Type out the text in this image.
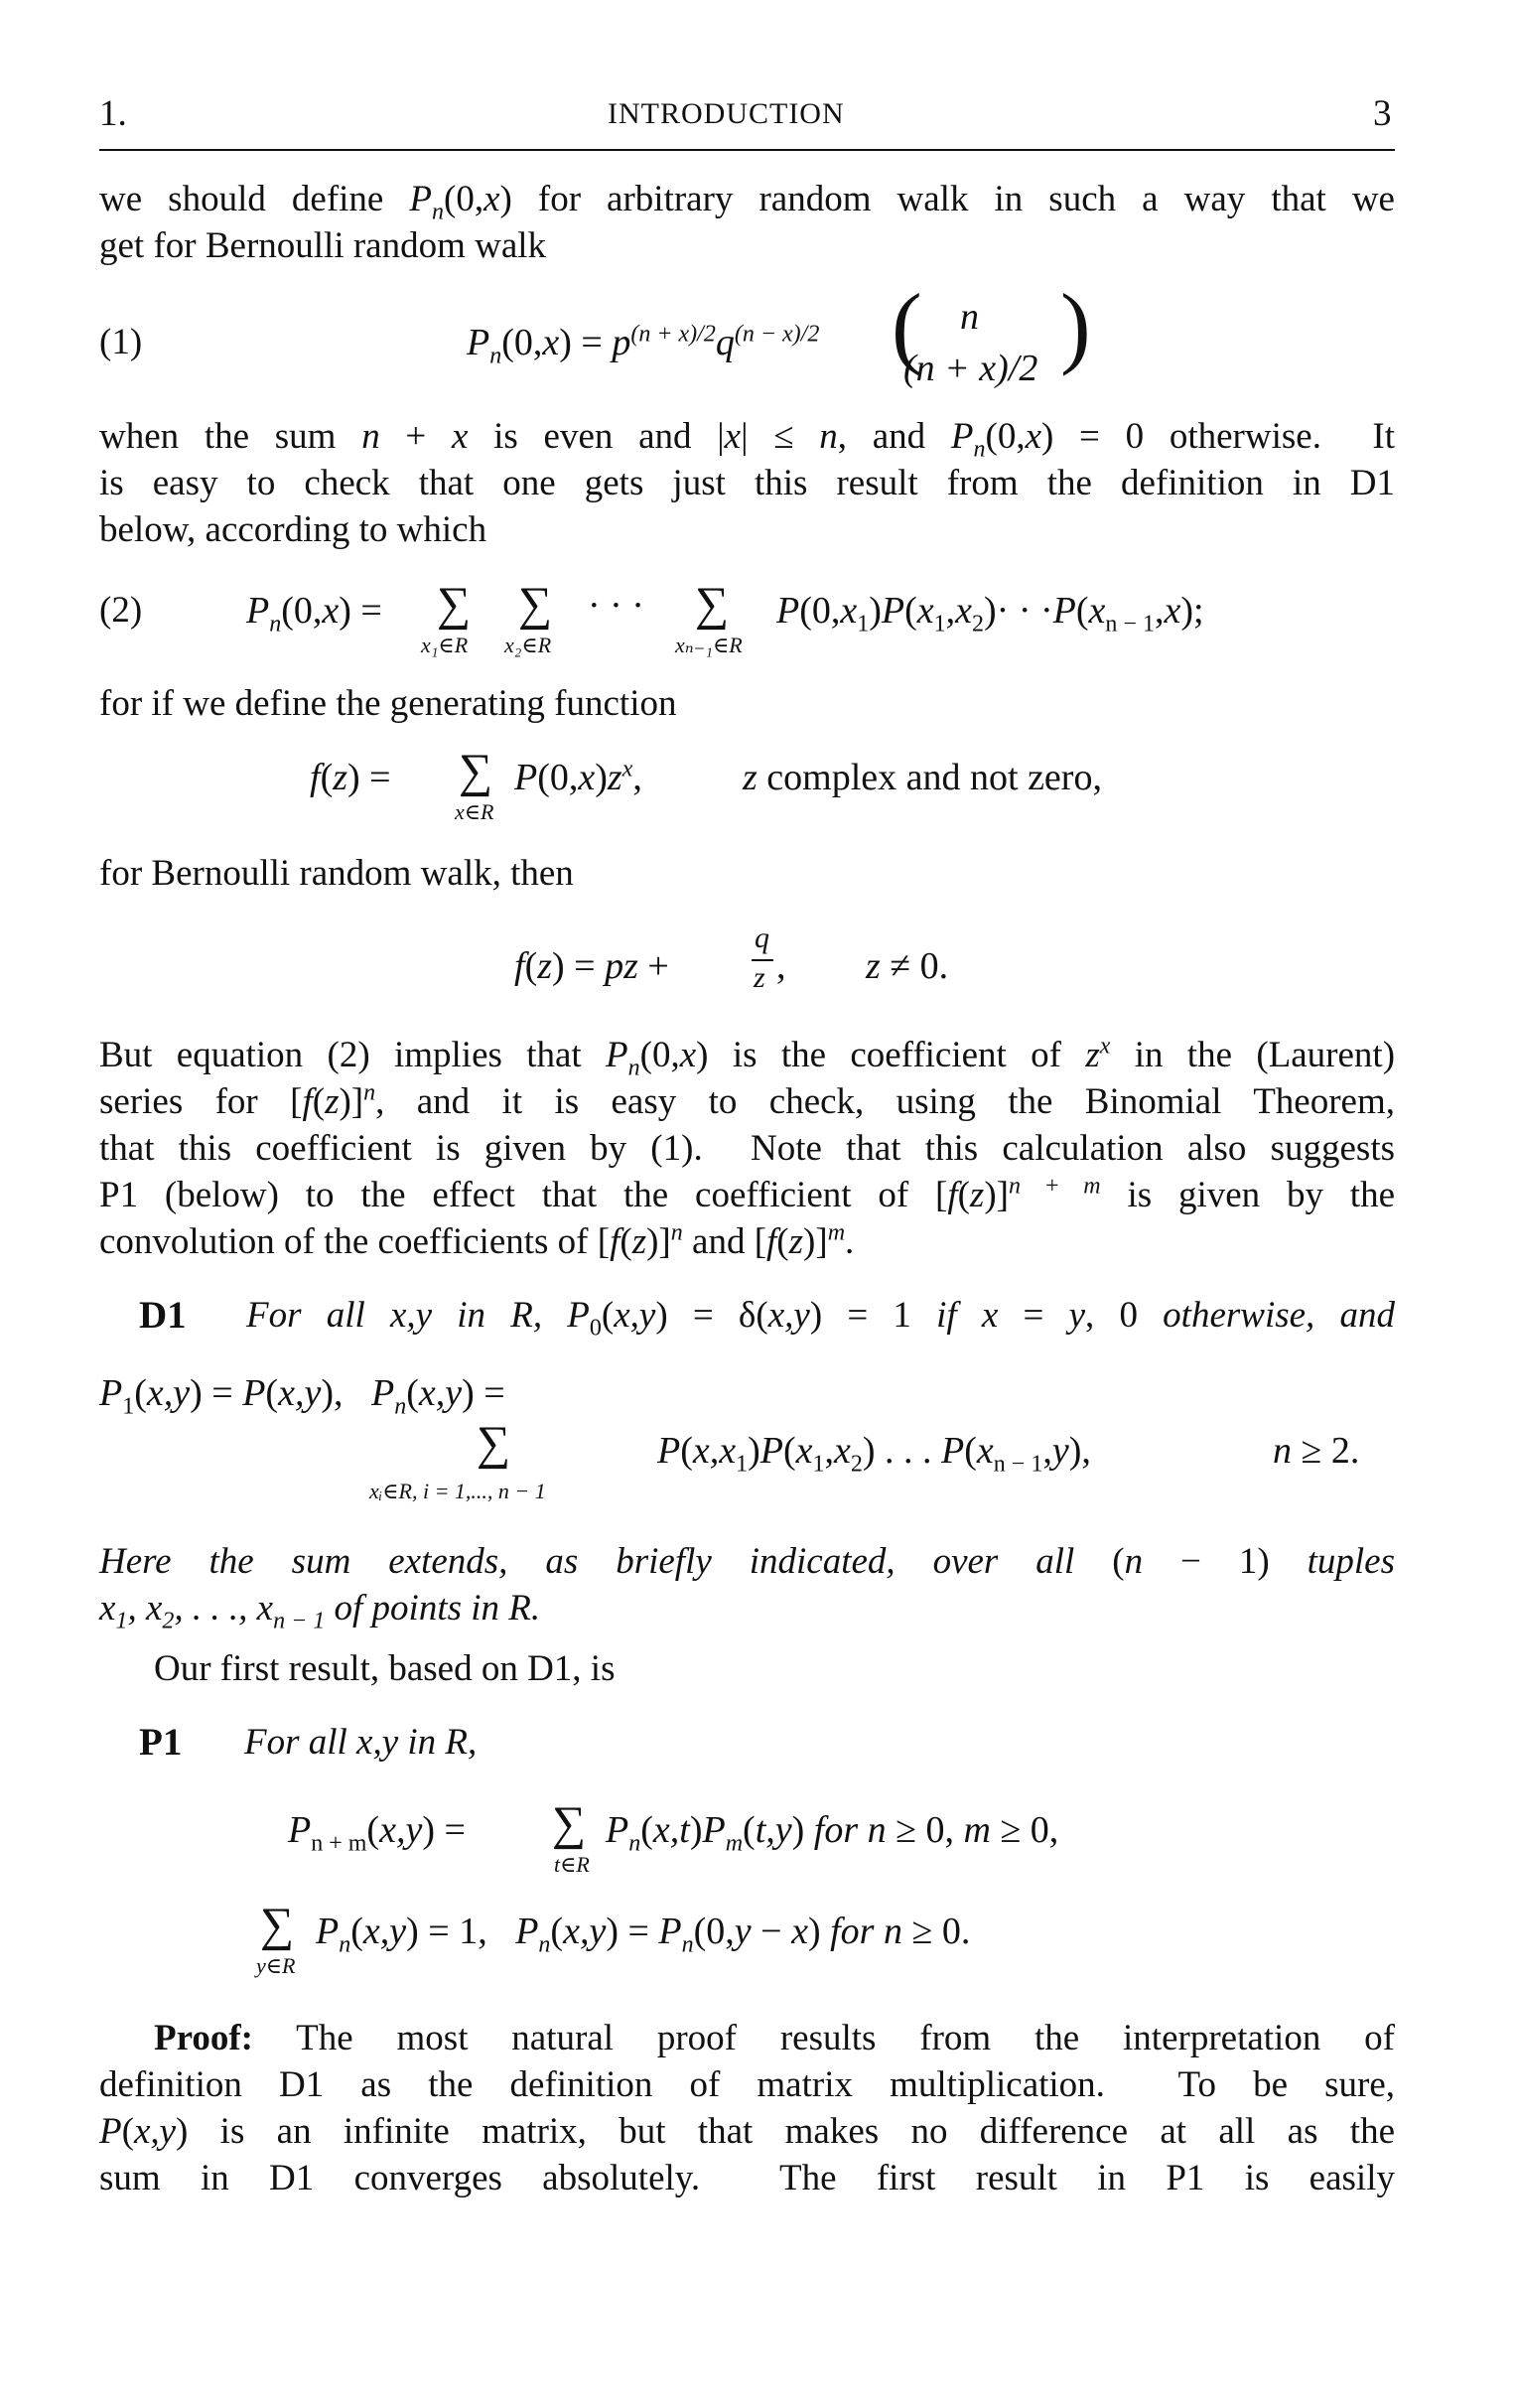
1.	INTRODUCTION	3
we should define $P_n(0,x)$ for arbitrary random walk in such a way that we
get for Bernoulli random walk
(1)	$P_n(0,x) = p^{(n + x)/2}q^{(n - x)/2}$ ( n
(n + x)/2 )
when the sum n + x is even and |x| ≤ n, and $P_n(0,x) = 0$ otherwise.  It
is easy to check that one gets just this result from the definition in D1
below, according to which
(2)	$P_n(0,x)$ = ∑ ∑ · · · ∑
x₁∈R x₂∈R	xₙ₋₁∈R
$P(0,x_1)P(x_1,x_2)\cdot \cdot \cdot P(x_{n - 1},x)$;
for if we define the generating function
f(z) = ∑
x∈R
$P(0,x)z^x$,	z complex and not zero,
for Bernoulli random walk, then
f(z) = pz +
q
z , z ≠ 0.
But equation (2) implies that $P_n(0,x)$ is the coefficient of $z^x$ in the (Laurent)
series for $[f(z)]^n$, and it is easy to check, using the Binomial Theorem,
that this coefficient is given by (1).  Note that this calculation also suggests
P1 (below) to the effect that the coefficient of $[f(z)]^{n + m}$ is given by the
convolution of the coefficients of $[f(z)]^n$ and $[f(z)]^m$.
D1 For all x,y in R, $P_0(x,y) = \delta(x,y) = 1$ if x = y, 0 otherwise, and
$P_1(x,y) = P(x,y)$,   $P_n(x,y)$ =
∑
xᵢ∈R, i = 1,..., n − 1
$P(x,x_1)P(x_1,x_2)$ . . . $P(x_{n - 1},y)$,	n ≥ 2.
Here the sum extends, as briefly indicated, over all (n − 1) tuples
$x_1$, $x_2$, . . ., $x_{n - 1}$ of points in R.
Our first result, based on D1, is
P1 For all x,y in R,
$P_{n + m}(x,y)$ = ∑
t∈R
$P_n(x,t)P_m(t,y)$ for n ≥ 0, m ≥ 0,
∑
y∈R
$P_n(x,y) = 1$,   $P_n(x,y) = P_n(0,y - x)$ for n ≥ 0.
Proof: The most natural proof results from the interpretation of
definition D1 as the definition of matrix multiplication.  To be sure,
P(x,y) is an infinite matrix, but that makes no difference at all as the
sum in D1 converges absolutely.  The first result in P1 is easily
